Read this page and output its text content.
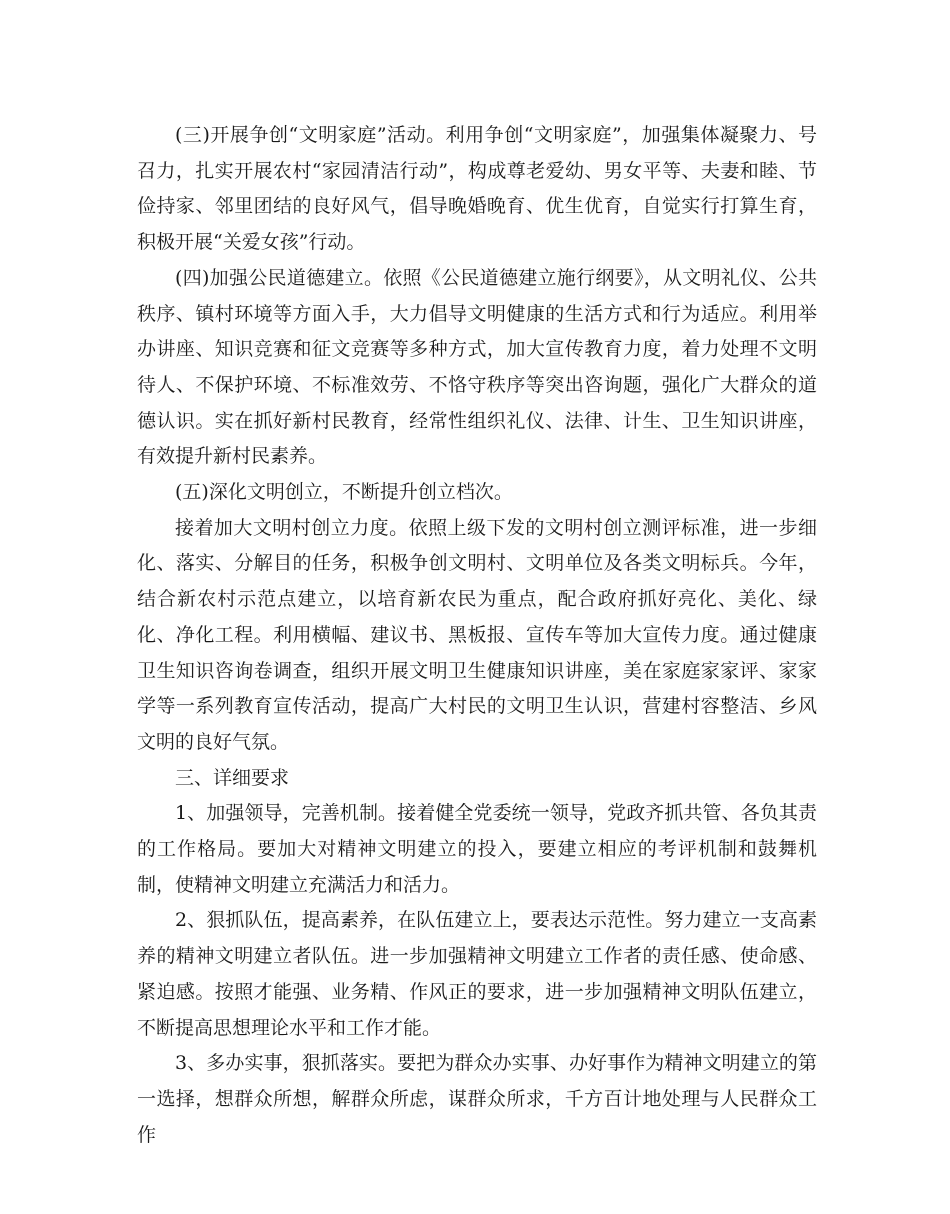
(三)开展争创“文明家庭”活动。利用争创“文明家庭”，加强集体凝聚力、号召力，扎实开展农村“家园清洁行动”，构成尊老爱幼、男女平等、夫妻和睦、节俭持家、邻里团结的良好风气，倡导晚婚晚育、优生优育，自觉实行打算生育，积极开展“关爱女孩”行动。

(四)加强公民道德建立。依照《公民道德建立施行纲要》，从文明礼仪、公共秩序、镇村环境等方面入手，大力倡导文明健康的生活方式和行为适应。利用举办讲座、知识竞赛和征文竞赛等多种方式，加大宣传教育力度，着力处理不文明待人、不保护环境、不标准效劳、不恪守秩序等突出咨询题，强化广大群众的道德认识。实在抓好新村民教育，经常性组织礼仪、法律、计生、卫生知识讲座，有效提升新村民素养。

(五)深化文明创立，不断提升创立档次。

接着加大文明村创立力度。依照上级下发的文明村创立测评标准，进一步细化、落实、分解目的任务，积极争创文明村、文明单位及各类文明标兵。今年，结合新农村示范点建立，以培育新农民为重点，配合政府抓好亮化、美化、绿化、净化工程。利用横幅、建议书、黑板报、宣传车等加大宣传力度。通过健康卫生知识咨询卷调查，组织开展文明卫生健康知识讲座，美在家庭家家评、家家学等一系列教育宣传活动，提高广大村民的文明卫生认识，营建村容整洁、乡风文明的良好气氛。

三、详细要求

1、加强领导，完善机制。接着健全党委统一领导，党政齐抓共管、各负其责的工作格局。要加大对精神文明建立的投入，要建立相应的考评机制和鼓舞机制，使精神文明建立充满活力和活力。

2、狠抓队伍，提高素养，在队伍建立上，要表达示范性。努力建立一支高素养的精神文明建立者队伍。进一步加强精神文明建立工作者的责任感、使命感、紧迫感。按照才能强、业务精、作风正的要求，进一步加强精神文明队伍建立，不断提高思想理论水平和工作才能。

3、多办实事，狠抓落实。要把为群众办实事、办好事作为精神文明建立的第一选择，想群众所想，解群众所虑，谋群众所求，千方百计地处理与人民群众工作
